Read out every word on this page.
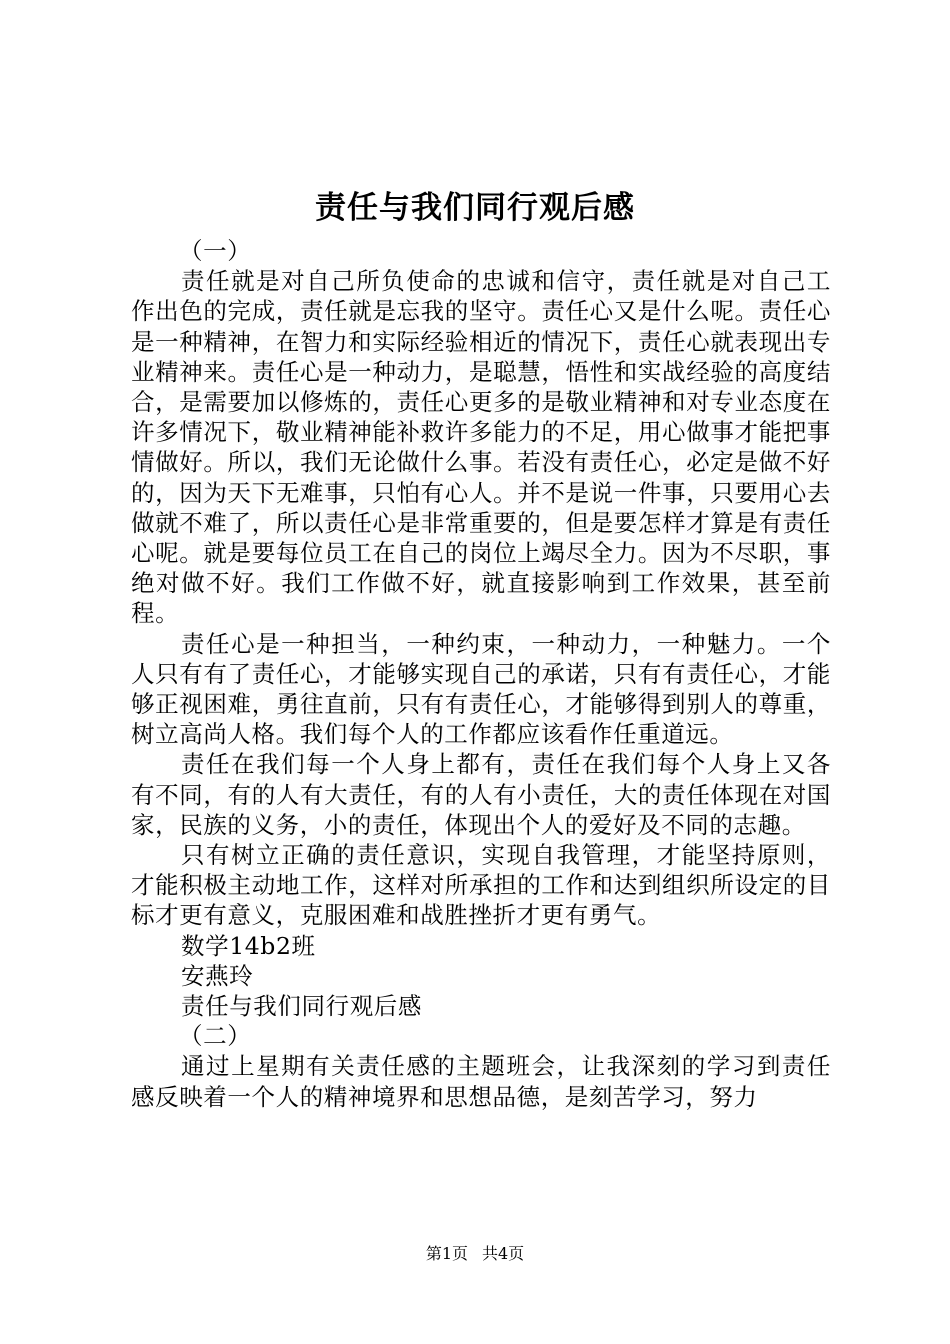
责任与我们同行观后感

（一）

责任就是对自己所负使命的忠诚和信守，责任就是对自己工作出色的完成，责任就是忘我的坚守。责任心又是什么呢。责任心是一种精神，在智力和实际经验相近的情况下，责任心就表现出专业精神来。责任心是一种动力，是聪慧，悟性和实战经验的高度结合，是需要加以修炼的，责任心更多的是敬业精神和对专业态度在许多情况下，敬业精神能补救许多能力的不足，用心做事才能把事情做好。所以，我们无论做什么事。若没有责任心，必定是做不好的，因为天下无难事，只怕有心人。并不是说一件事，只要用心去做就不难了，所以责任心是非常重要的，但是要怎样才算是有责任心呢。就是要每位员工在自己的岗位上竭尽全力。因为不尽职，事绝对做不好。我们工作做不好，就直接影响到工作效果，甚至前程。

责任心是一种担当，一种约束，一种动力，一种魅力。一个人只有有了责任心，才能够实现自己的承诺，只有有责任心，才能够正视困难，勇往直前，只有有责任心，才能够得到别人的尊重，树立高尚人格。我们每个人的工作都应该看作任重道远。

责任在我们每一个人身上都有，责任在我们每个人身上又各有不同，有的人有大责任，有的人有小责任，大的责任体现在对国家，民族的义务，小的责任，体现出个人的爱好及不同的志趣。

只有树立正确的责任意识，实现自我管理，才能坚持原则，才能积极主动地工作，这样对所承担的工作和达到组织所设定的目标才更有意义，克服困难和战胜挫折才更有勇气。

数学14b2班

安燕玲

责任与我们同行观后感

（二）

通过上星期有关责任感的主题班会，让我深刻的学习到责任感反映着一个人的精神境界和思想品德，是刻苦学习，努力

第1页 共4页
